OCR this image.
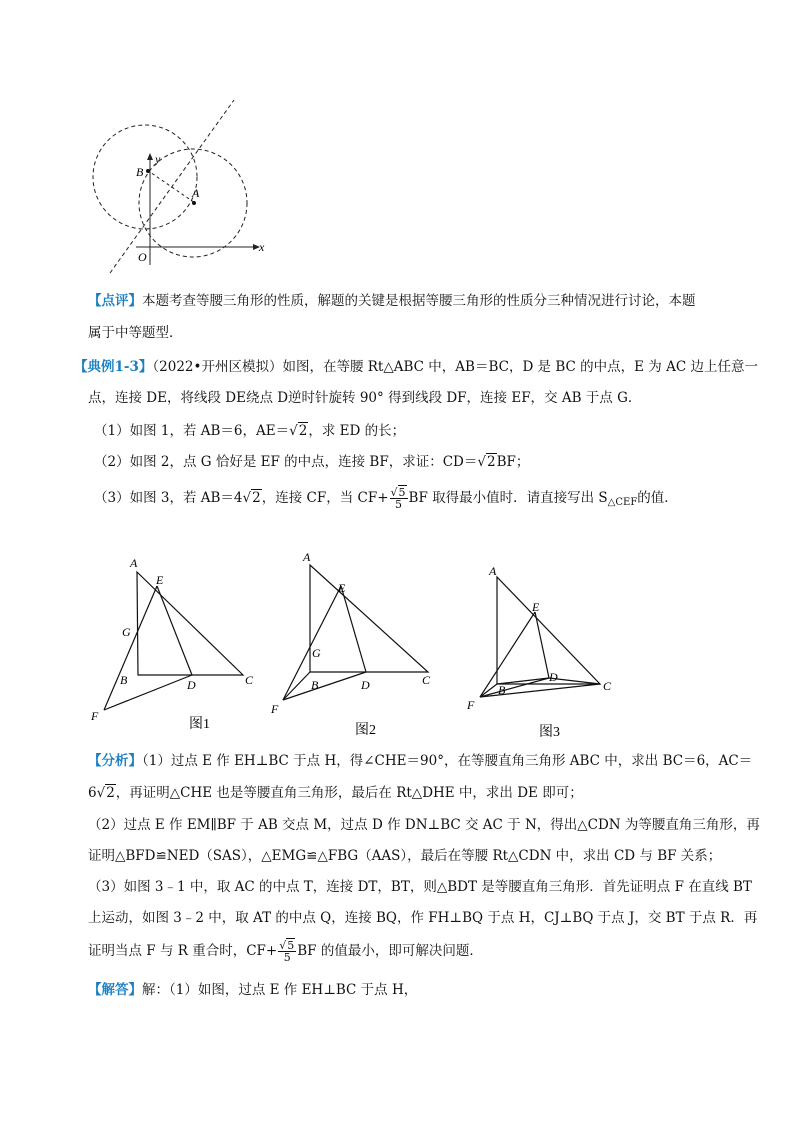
x
y
O
B
A
【点评】本题考查等腰三角形的性质，解题的关键是根据等腰三角形的性质分三种情况进行讨论，本题
属于中等题型．
【典例1-3】（2022•开州区模拟）如图，在等腰 Rt△ABC 中，AB＝BC，D 是 BC 的中点，E 为 AC 边上任意一
点，连接 DE，将线段 DE绕点 D逆时针旋转 90° 得到线段 DF，连接 EF，交 AB 于点 G．
（1）如图 1，若 AB＝6，AE＝√2，求 ED 的长；
（2）如图 2，点 G 恰好是 EF 的中点，连接 BF，求证：CD＝√2BF；
（3）如图 3，若 AB＝4√2，连接 CF，当 $CF+ \frac{√5}{5}$ BF 取得最小值时．请直接写出 $S_{\triangle CEF}$的值．
A
E
G
B	D	C
F
图1
A
E
G
B	D	C
F
图2
A
E
B
D
C
F
图3
【分析】（1）过点 E 作 EH⊥BC 于点 H，得∠CHE＝90°，在等腰直角三角形 ABC 中，求出 BC＝6，AC＝
6√2，再证明△CHE 也是等腰直角三角形，最后在 Rt△DHE 中，求出 DE 即可；
（2）过点 E 作 EM∥BF 于 AB 交点 M，过点 D 作 DN⊥BC 交 AC 于 N，得出△CDN 为等腰直角三角形，再
证明△BFD≌NED（SAS），△EMG≌△FBG（AAS），最后在等腰 Rt△CDN 中，求出 CD 与 BF 关系；
（3）如图 3﹣1 中，取 AC 的中点 T，连接 DT，BT，则△BDT 是等腰直角三角形．首先证明点 F 在直线 BT
上运动，如图 3﹣2 中，取 AT 的中点 Q，连接 BQ，作 FH⊥BQ 于点 H，CJ⊥BQ 于点 J，交 BT 于点 R．再
证明当点 F 与 R 重合时，$CF+ \frac{√5}{5}$ BF 的值最小，即可解决问题．
【解答】解：（1）如图，过点 E 作 EH⊥BC 于点 H，
